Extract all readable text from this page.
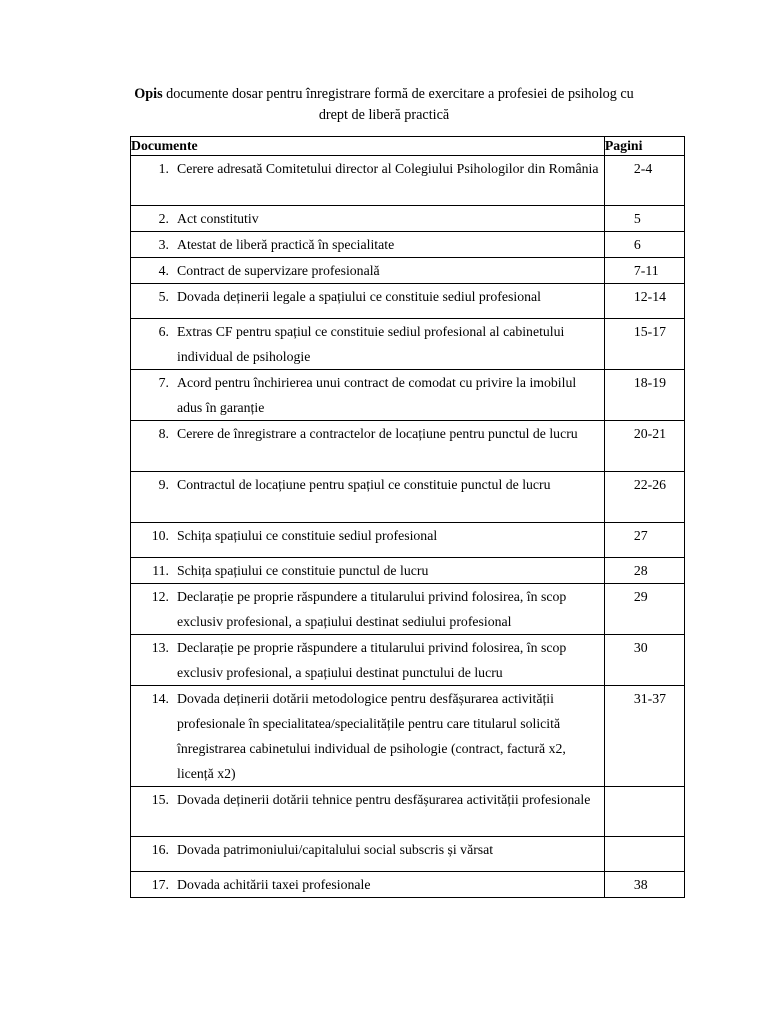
Opis documente dosar pentru înregistrare formă de exercitare a profesiei de psiholog cu
drept de liberă practică
Documente	Pagini

1. Cerere adresată Comitetului director al Colegiului Psihologilor din România	2-4

2. Act constitutiv	5

3. Atestat de liberă practică în specialitate	6

4. Contract de supervizare profesională	7-11

5. Dovada deținerii legale a spațiului ce constituie sediul profesional	12-14

6. Extras CF pentru spațiul ce constituie sediul profesional al cabinetului individual de psihologie	15-17

7. Acord pentru închirierea unui contract de comodat cu privire la imobilul adus în garanție	18-19

8. Cerere de înregistrare a contractelor de locațiune pentru punctul de lucru	20-21

9. Contractul de locațiune pentru spațiul ce constituie punctul de lucru	22-26

10. Schița spațiului ce constituie sediul profesional	27

11. Schița spațiului ce constituie punctul de lucru	28

12. Declarație pe proprie răspundere a titularului privind folosirea, în scop exclusiv profesional, a spațiului destinat sediului profesional	29

13. Declarație pe proprie răspundere a titularului privind folosirea, în scop exclusiv profesional, a spațiului destinat punctului de lucru	30

14. Dovada deținerii dotării metodologice pentru desfășurarea activității profesionale în specialitatea/specialitățile pentru care titularul solicită înregistrarea cabinetului individual de psihologie (contract, factură x2, licență x2)	31-37

15. Dovada deținerii dotării tehnice pentru desfășurarea activității profesionale	

16. Dovada patrimoniului/capitalului social subscris și vărsat	

17. Dovada achitării taxei profesionale	38
